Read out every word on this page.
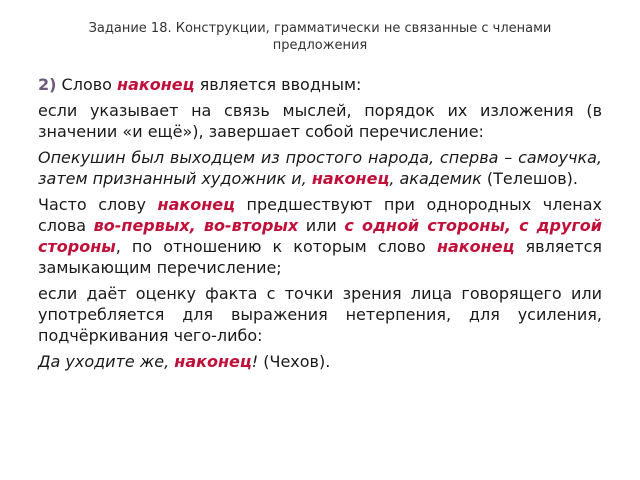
Задание 18. Конструкции, грамматически не связанные с членами предложения

2) Слово наконец является вводным:

если указывает на связь мыслей, порядок их изложения (в значении «и ещё»), завершает собой перечисление:

Опекушин был выходцем из простого народа, сперва – самоучка, затем признанный художник и, наконец, академик (Телешов).

Часто слову наконец предшествуют при однородных членах слова во-первых, во-вторых или с одной стороны, с другой стороны, по отношению к которым слово наконец является замыкающим перечисление;

если даёт оценку факта с точки зрения лица говорящего или употребляется для выражения нетерпения, для усиления, подчёркивания чего-либо:

Да уходите же, наконец! (Чехов).
